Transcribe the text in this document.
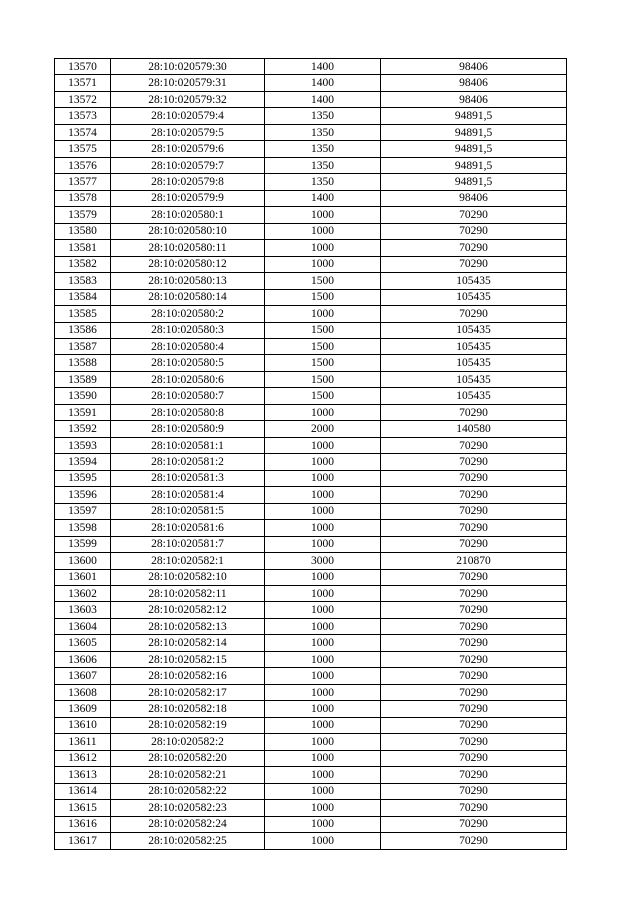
13570	28:10:020579:30	1400	98406
13571	28:10:020579:31	1400	98406
13572	28:10:020579:32	1400	98406
13573	28:10:020579:4	1350	94891,5
13574	28:10:020579:5	1350	94891,5
13575	28:10:020579:6	1350	94891,5
13576	28:10:020579:7	1350	94891,5
13577	28:10:020579:8	1350	94891,5
13578	28:10:020579:9	1400	98406
13579	28:10:020580:1	1000	70290
13580	28:10:020580:10	1000	70290
13581	28:10:020580:11	1000	70290
13582	28:10:020580:12	1000	70290
13583	28:10:020580:13	1500	105435
13584	28:10:020580:14	1500	105435
13585	28:10:020580:2	1000	70290
13586	28:10:020580:3	1500	105435
13587	28:10:020580:4	1500	105435
13588	28:10:020580:5	1500	105435
13589	28:10:020580:6	1500	105435
13590	28:10:020580:7	1500	105435
13591	28:10:020580:8	1000	70290
13592	28:10:020580:9	2000	140580
13593	28:10:020581:1	1000	70290
13594	28:10:020581:2	1000	70290
13595	28:10:020581:3	1000	70290
13596	28:10:020581:4	1000	70290
13597	28:10:020581:5	1000	70290
13598	28:10:020581:6	1000	70290
13599	28:10:020581:7	1000	70290
13600	28:10:020582:1	3000	210870
13601	28:10:020582:10	1000	70290
13602	28:10:020582:11	1000	70290
13603	28:10:020582:12	1000	70290
13604	28:10:020582:13	1000	70290
13605	28:10:020582:14	1000	70290
13606	28:10:020582:15	1000	70290
13607	28:10:020582:16	1000	70290
13608	28:10:020582:17	1000	70290
13609	28:10:020582:18	1000	70290
13610	28:10:020582:19	1000	70290
13611	28:10:020582:2	1000	70290
13612	28:10:020582:20	1000	70290
13613	28:10:020582:21	1000	70290
13614	28:10:020582:22	1000	70290
13615	28:10:020582:23	1000	70290
13616	28:10:020582:24	1000	70290
13617	28:10:020582:25	1000	70290
